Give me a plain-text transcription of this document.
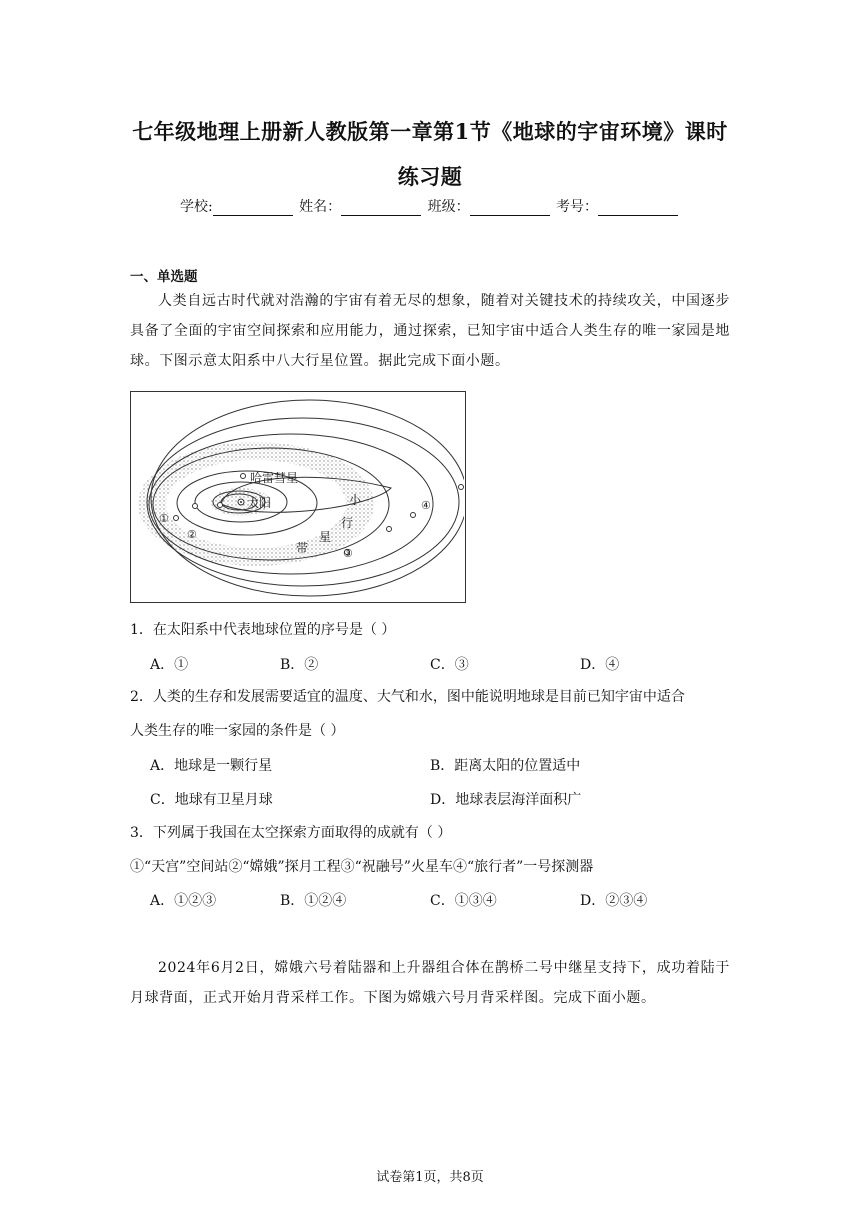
七年级地理上册新人教版第一章第1节《地球的宇宙环境》课时
练习题
学校:	姓名：	班级：	考号：
一、单选题
人类自远古时代就对浩瀚的宇宙有着无尽的想象，随着对关键技术的持续攻关，中国逐步具备了全面的宇宙空间探索和应用能力，通过探索，已知宇宙中适合人类生存的唯一家园是地球。下图示意太阳系中八大行星位置。据此完成下面小题。
哈雷彗星
太阳	小
行
星
带
①
②
③
④
1．在太阳系中代表地球位置的序号是（ ）
A．①	B．②	C．③	D．④
2．人类的生存和发展需要适宜的温度、大气和水，图中能说明地球是目前已知宇宙中适合
人类生存的唯一家园的条件是（ ）
A．地球是一颗行星	B．距离太阳的位置适中
C．地球有卫星月球	D．地球表层海洋面积广
3．下列属于我国在太空探索方面取得的成就有（ ）
①“天宫”空间站②“嫦娥”探月工程③“祝融号”火星车④“旅行者”一号探测器
A．①②③	B．①②④	C．①③④	D．②③④
2024年6月2日，嫦娥六号着陆器和上升器组合体在鹊桥二号中继星支持下，成功着陆于月球背面，正式开始月背采样工作。下图为嫦娥六号月背采样图。完成下面小题。
试卷第1页，共8页
